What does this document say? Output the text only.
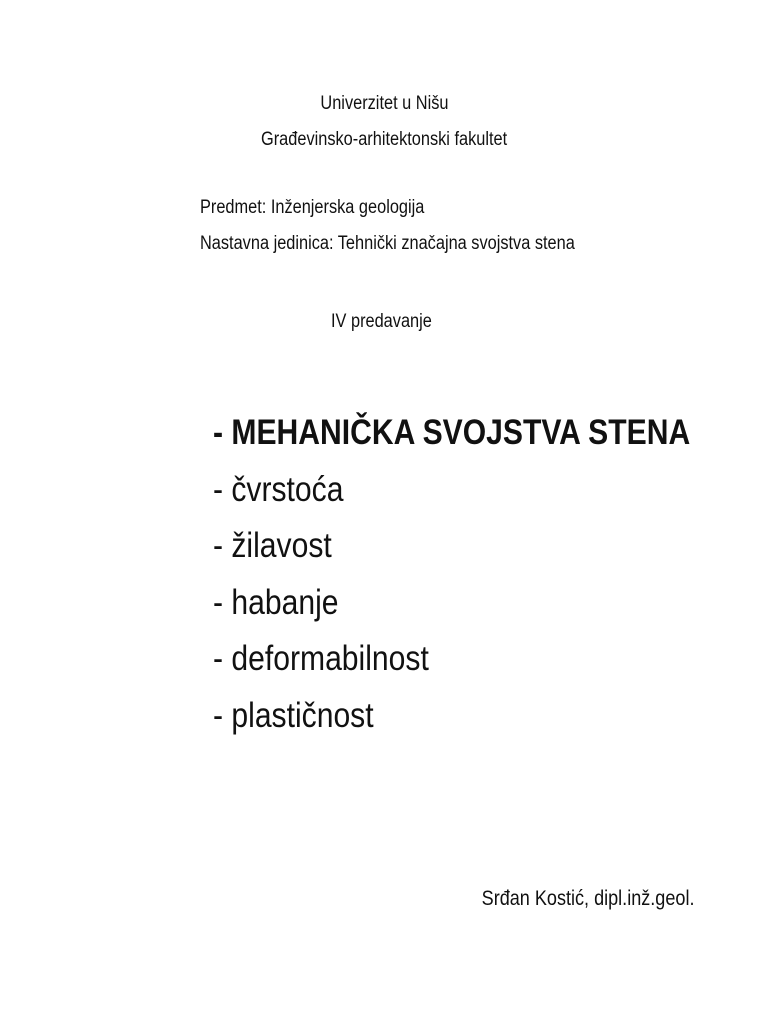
Univerzitet u Nišu
Građevinsko-arhitektonski fakultet
Predmet: Inženjerska geologija
Nastavna jedinica: Tehnički značajna svojstva stena
IV predavanje
- MEHANIČKA SVOJSTVA STENA
- čvrstoća
- žilavost
- habanje
- deformabilnost
- plastičnost
Srđan Kostić, dipl.inž.geol.
